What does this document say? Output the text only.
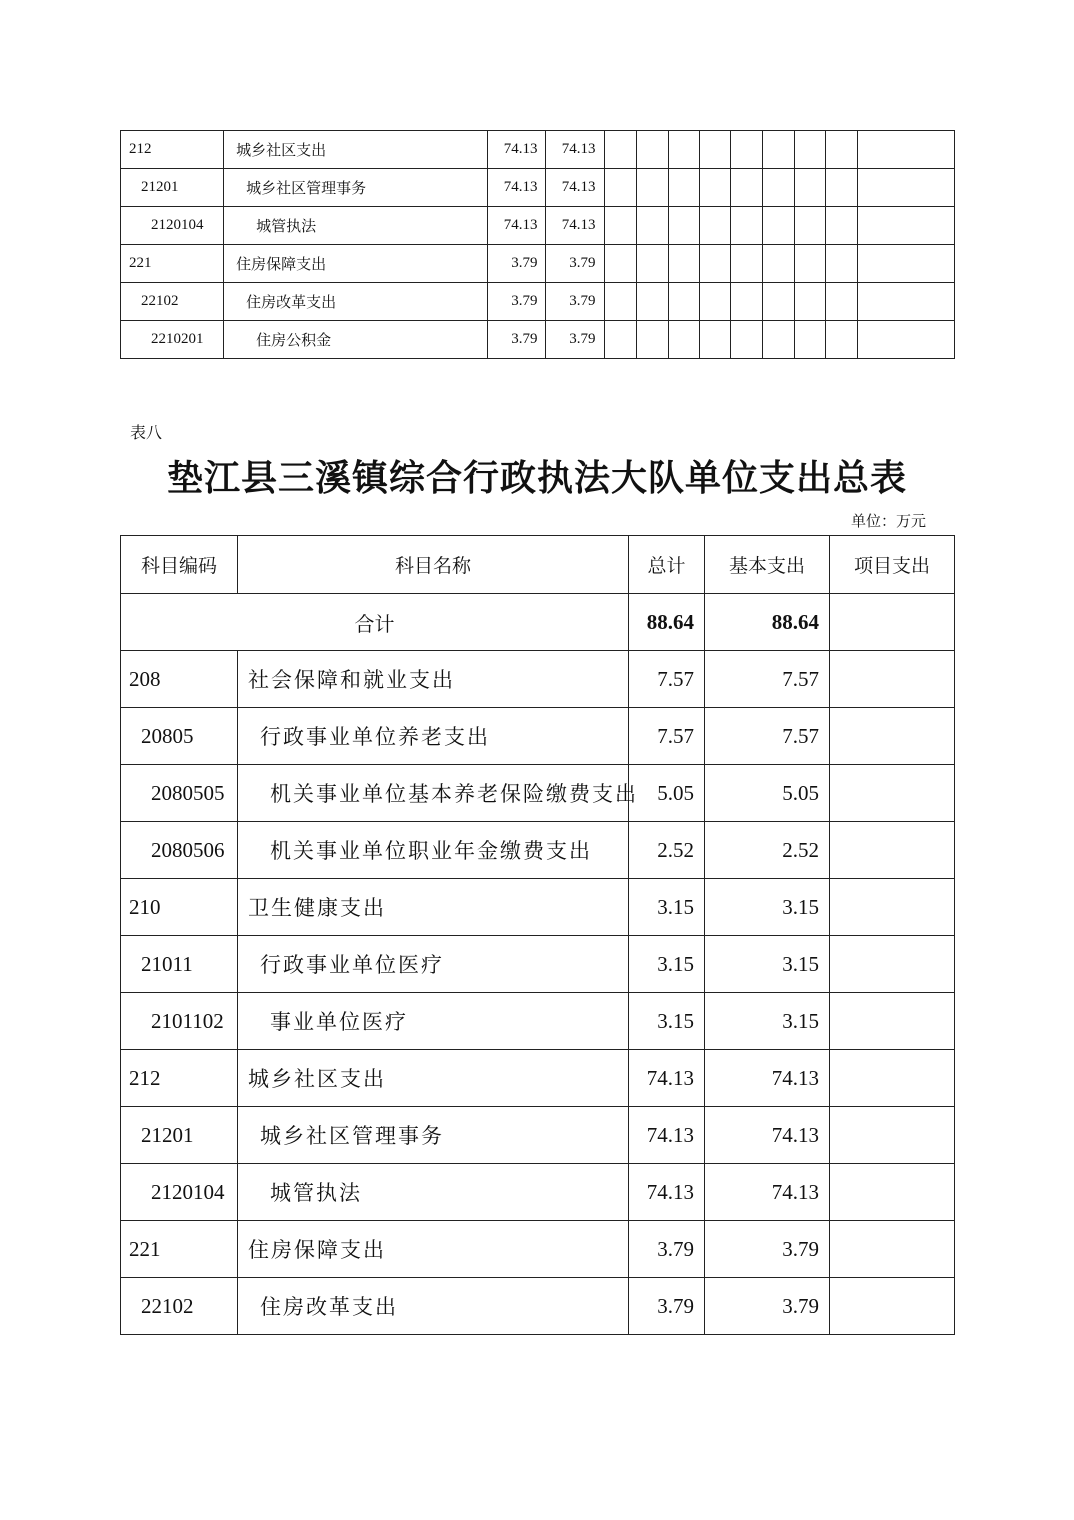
212	城乡社区支出	74.13	74.13									
21201	城乡社区管理事务	74.13	74.13									
2120104	城管执法	74.13	74.13									
221	住房保障支出	3.79	3.79									
22102	住房改革支出	3.79	3.79									
2210201	住房公积金	3.79	3.79									
表八
垫江县三溪镇综合行政执法大队单位支出总表
单位：万元
科目编码	科目名称	总计	基本支出	项目支出
合计		88.64	88.64	
208	社会保障和就业支出	7.57	7.57	
20805	行政事业单位养老支出	7.57	7.57	
2080505	机关事业单位基本养老保险缴费支出	5.05	5.05	
2080506	机关事业单位职业年金缴费支出	2.52	2.52	
210	卫生健康支出	3.15	3.15	
21011	行政事业单位医疗	3.15	3.15	
2101102	事业单位医疗	3.15	3.15	
212	城乡社区支出	74.13	74.13	
21201	城乡社区管理事务	74.13	74.13	
2120104	城管执法	74.13	74.13	
221	住房保障支出	3.79	3.79	
22102	住房改革支出	3.79	3.79	
